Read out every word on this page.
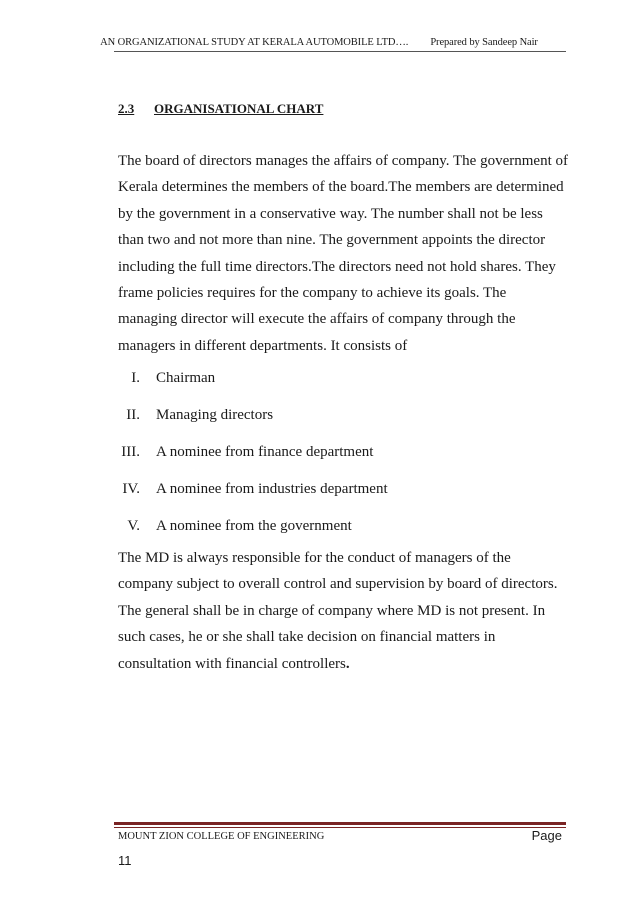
AN ORGANIZATIONAL STUDY AT KERALA AUTOMOBILE LTD…. Prepared by Sandeep Nair
2.3 ORGANISATIONAL CHART

The board of directors manages the affairs of company. The government of Kerala determines the members of the board.The members are determined by the government in a conservative way. The number shall not be less than two and not more than nine. The government appoints the director including the full time directors.The directors need not hold shares. They frame policies requires for the company to achieve its goals. The managing director will execute the affairs of company through the managers in different departments. It consists of

I. Chairman
II. Managing directors
III. A nominee from finance department
IV. A nominee from industries department
V. A nominee from the government

The MD is always responsible for the conduct of managers of the company subject to overall control and supervision by board of directors. The general shall be in charge of company where MD is not present. In such cases, he or she shall take decision on financial matters in consultation with financial controllers.

MOUNT ZION COLLEGE OF ENGINEERING	Page
11
